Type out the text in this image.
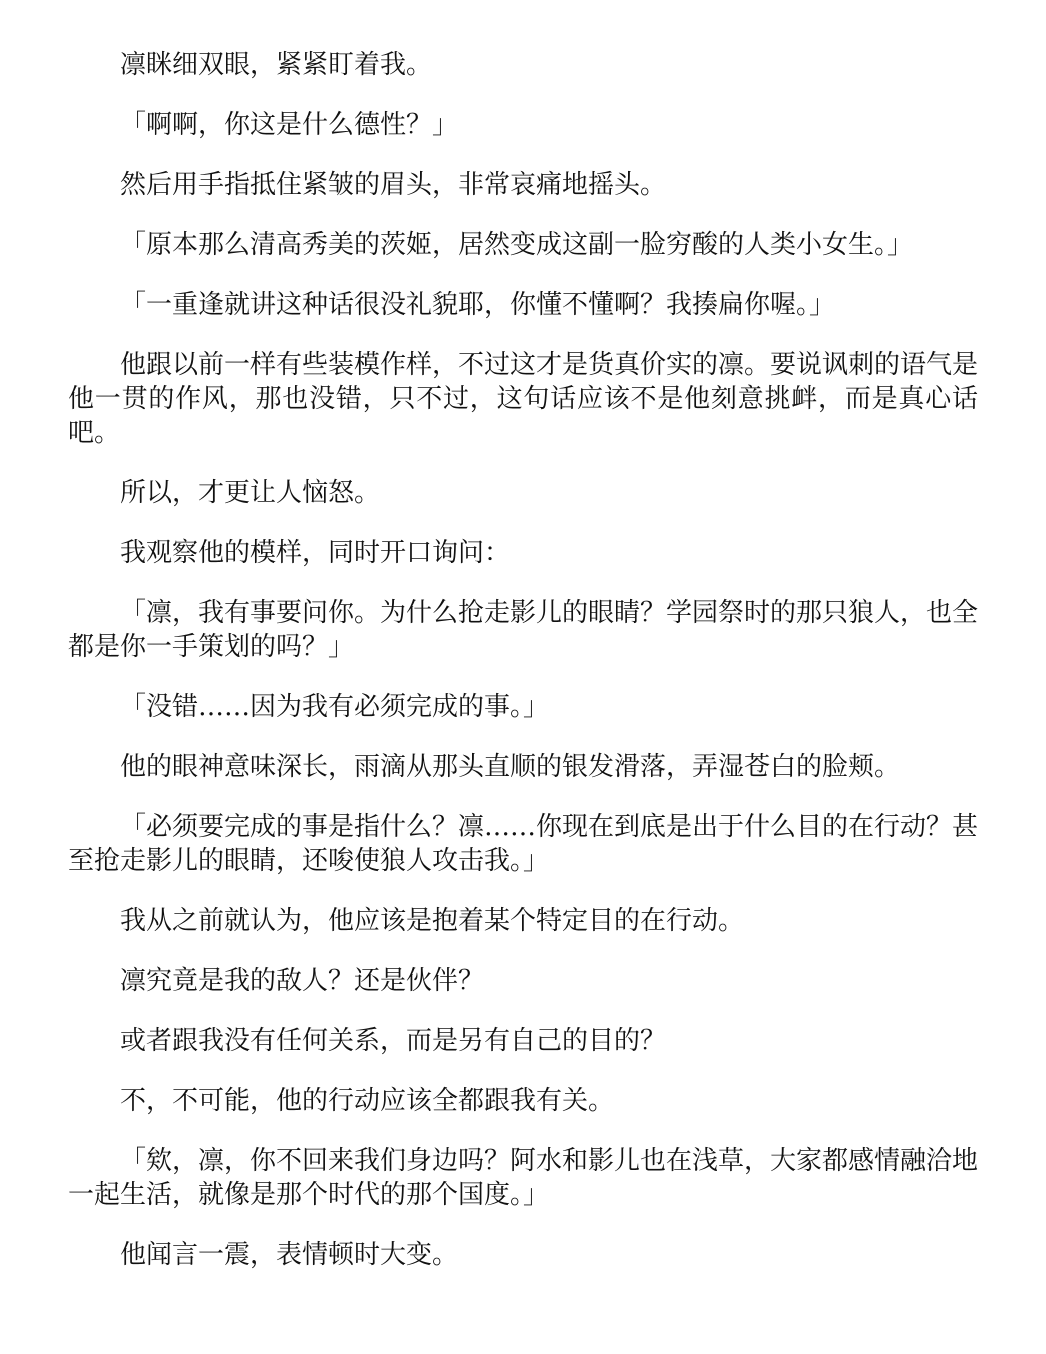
凛眯细双眼，紧紧盯着我。

「啊啊，你这是什么德性？」

然后用手指抵住紧皱的眉头，非常哀痛地摇头。

「原本那么清高秀美的茨姬，居然变成这副一脸穷酸的人类小女生。」

「一重逢就讲这种话很没礼貌耶，你懂不懂啊？我揍扁你喔。」

他跟以前一样有些装模作样，不过这才是货真价实的凛。要说讽刺的语气是他一贯的作风，那也没错，只不过，这句话应该不是他刻意挑衅，而是真心话吧。

所以，才更让人恼怒。

我观察他的模样，同时开口询问：

「凛，我有事要问你。为什么抢走影儿的眼睛？学园祭时的那只狼人，也全都是你一手策划的吗？」

「没错……因为我有必须完成的事。」

他的眼神意味深长，雨滴从那头直顺的银发滑落，弄湿苍白的脸颊。

「必须要完成的事是指什么？凛……你现在到底是出于什么目的在行动？甚至抢走影儿的眼睛，还唆使狼人攻击我。」

我从之前就认为，他应该是抱着某个特定目的在行动。

凛究竟是我的敌人？还是伙伴？

或者跟我没有任何关系，而是另有自己的目的？

不，不可能，他的行动应该全都跟我有关。

「欸，凛，你不回来我们身边吗？阿水和影儿也在浅草，大家都感情融洽地一起生活，就像是那个时代的那个国度。」

他闻言一震，表情顿时大变。
